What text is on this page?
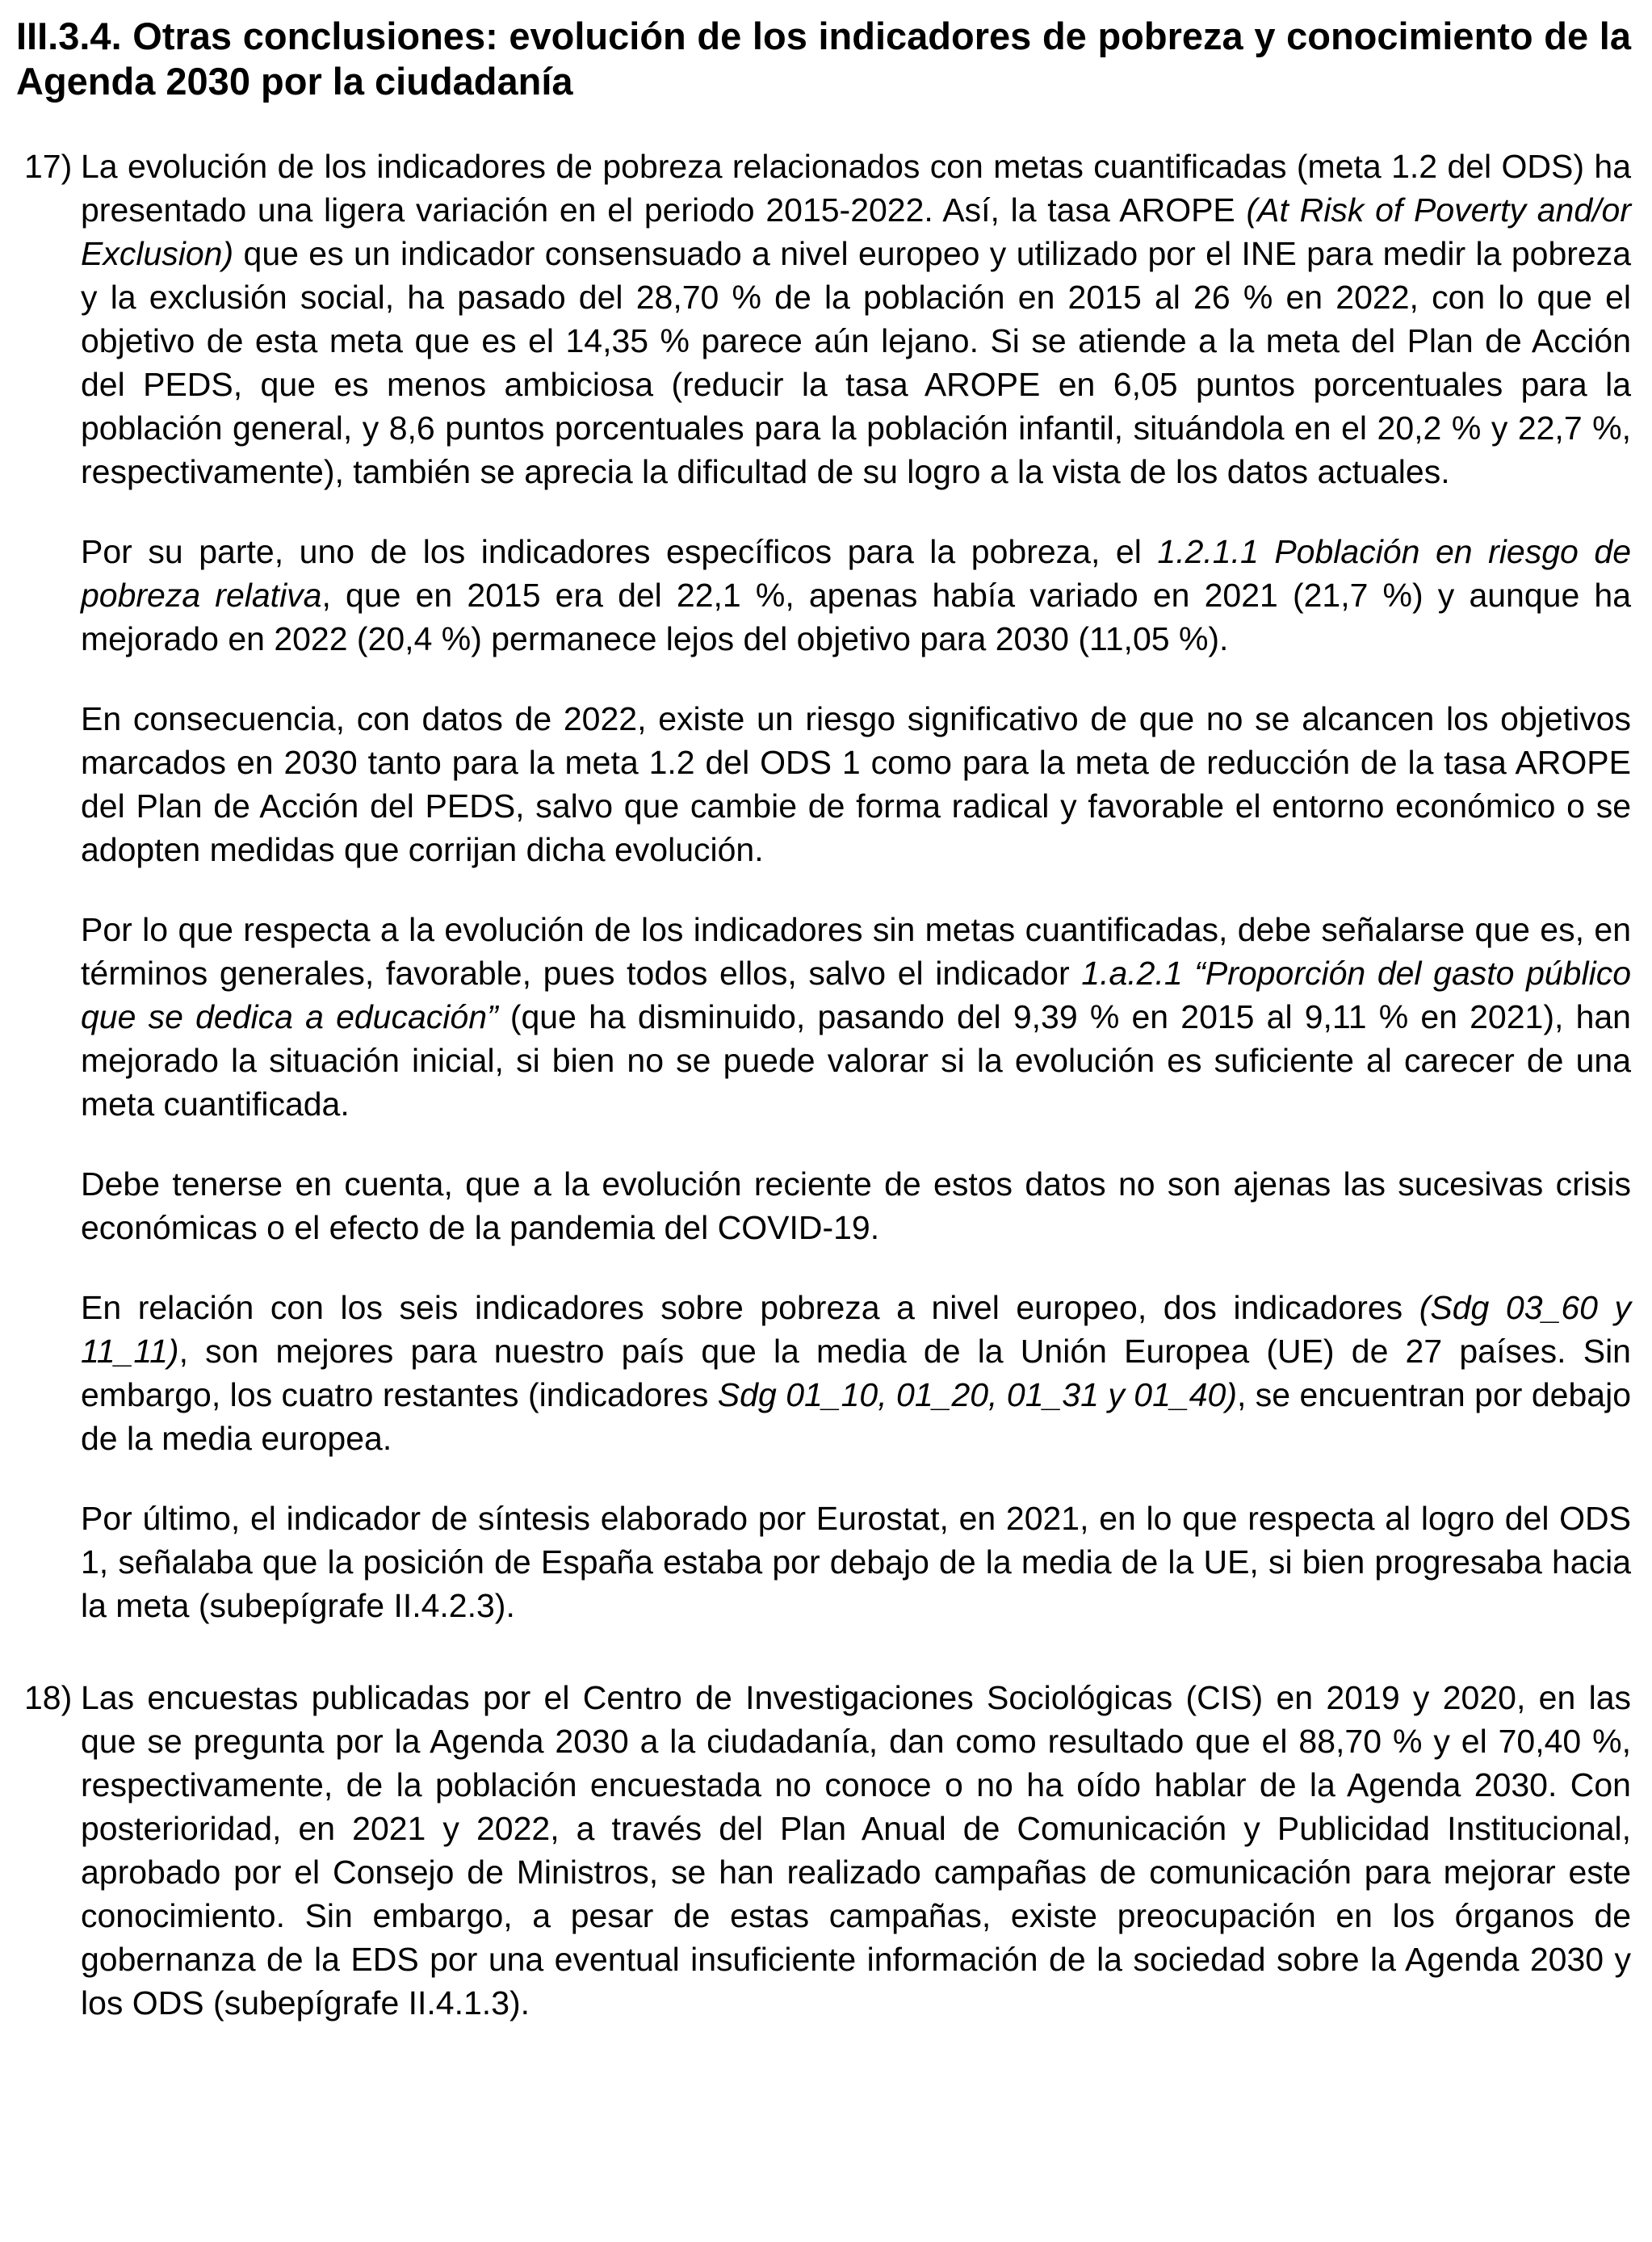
III.3.4. Otras conclusiones: evolución de los indicadores de pobreza y conocimiento de la Agenda 2030 por la ciudadanía
17) La evolución de los indicadores de pobreza relacionados con metas cuantificadas (meta 1.2 del ODS) ha presentado una ligera variación en el periodo 2015-2022. Así, la tasa AROPE (At Risk of Poverty and/or Exclusion) que es un indicador consensuado a nivel europeo y utilizado por el INE para medir la pobreza y la exclusión social, ha pasado del 28,70 % de la población en 2015 al 26 % en 2022, con lo que el objetivo de esta meta que es el 14,35 % parece aún lejano. Si se atiende a la meta del Plan de Acción del PEDS, que es menos ambiciosa (reducir la tasa AROPE en 6,05 puntos porcentuales para la población general, y 8,6 puntos porcentuales para la población infantil, situándola en el 20,2 % y 22,7 %, respectivamente), también se aprecia la dificultad de su logro a la vista de los datos actuales.

Por su parte, uno de los indicadores específicos para la pobreza, el 1.2.1.1 Población en riesgo de pobreza relativa, que en 2015 era del 22,1 %, apenas había variado en 2021 (21,7 %) y aunque ha mejorado en 2022 (20,4 %) permanece lejos del objetivo para 2030 (11,05 %).

En consecuencia, con datos de 2022, existe un riesgo significativo de que no se alcancen los objetivos marcados en 2030 tanto para la meta 1.2 del ODS 1 como para la meta de reducción de la tasa AROPE del Plan de Acción del PEDS, salvo que cambie de forma radical y favorable el entorno económico o se adopten medidas que corrijan dicha evolución.

Por lo que respecta a la evolución de los indicadores sin metas cuantificadas, debe señalarse que es, en términos generales, favorable, pues todos ellos, salvo el indicador 1.a.2.1 “Proporción del gasto público que se dedica a educación” (que ha disminuido, pasando del 9,39 % en 2015 al 9,11 % en 2021), han mejorado la situación inicial, si bien no se puede valorar si la evolución es suficiente al carecer de una meta cuantificada.

Debe tenerse en cuenta, que a la evolución reciente de estos datos no son ajenas las sucesivas crisis económicas o el efecto de la pandemia del COVID-19.

En relación con los seis indicadores sobre pobreza a nivel europeo, dos indicadores (Sdg 03_60 y 11_11), son mejores para nuestro país que la media de la Unión Europea (UE) de 27 países. Sin embargo, los cuatro restantes (indicadores Sdg 01_10, 01_20, 01_31 y 01_40), se encuentran por debajo de la media europea.

Por último, el indicador de síntesis elaborado por Eurostat, en 2021, en lo que respecta al logro del ODS 1, señalaba que la posición de España estaba por debajo de la media de la UE, si bien progresaba hacia la meta (subepígrafe II.4.2.3).

18) Las encuestas publicadas por el Centro de Investigaciones Sociológicas (CIS) en 2019 y 2020, en las que se pregunta por la Agenda 2030 a la ciudadanía, dan como resultado que el 88,70 % y el 70,40 %, respectivamente, de la población encuestada no conoce o no ha oído hablar de la Agenda 2030. Con posterioridad, en 2021 y 2022, a través del Plan Anual de Comunicación y Publicidad Institucional, aprobado por el Consejo de Ministros, se han realizado campañas de comunicación para mejorar este conocimiento. Sin embargo, a pesar de estas campañas, existe preocupación en los órganos de gobernanza de la EDS por una eventual insuficiente información de la sociedad sobre la Agenda 2030 y los ODS (subepígrafe II.4.1.3).
